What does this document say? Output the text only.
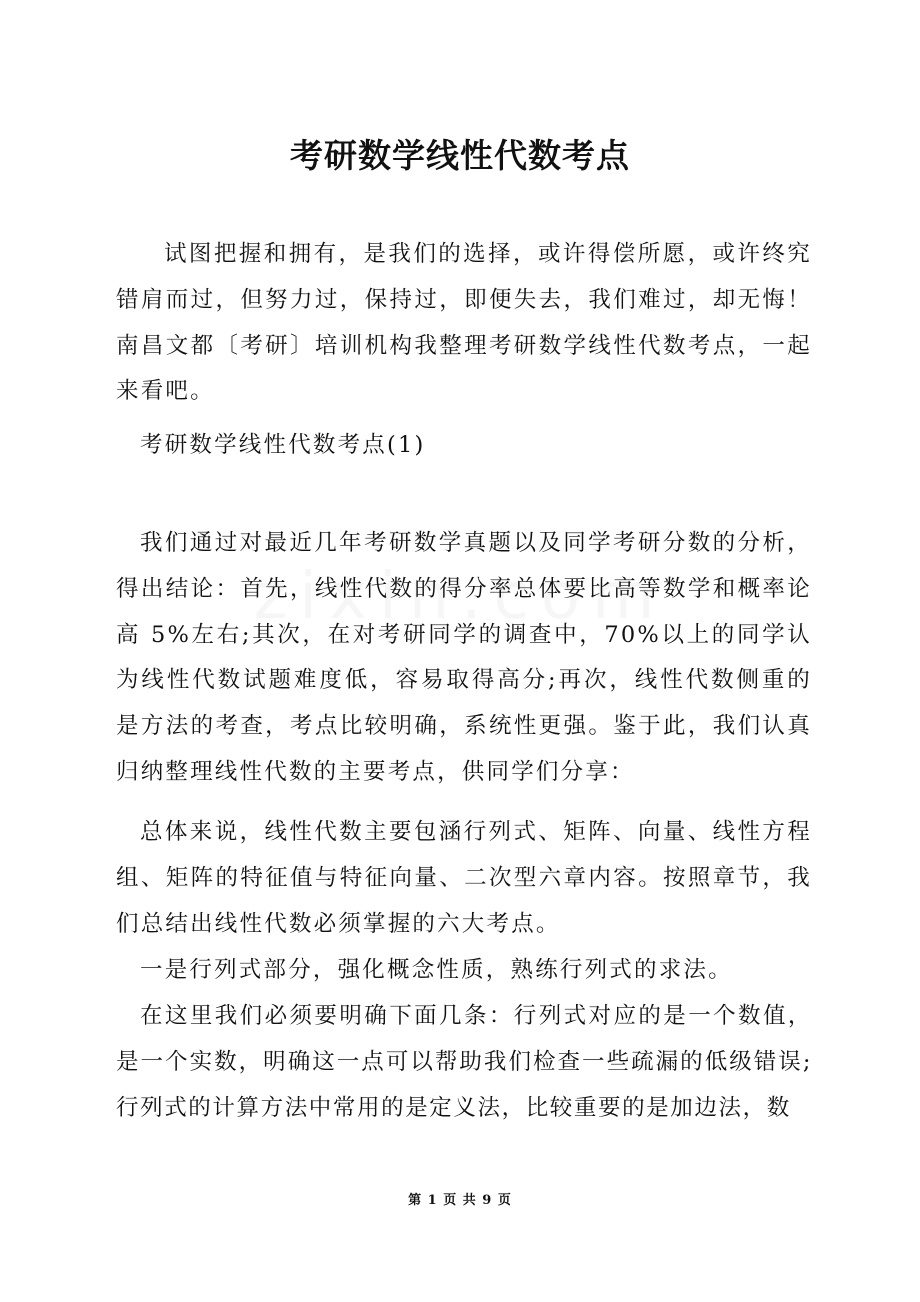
考研数学线性代数考点
试图把握和拥有，是我们的选择，或许得偿所愿，或许终究错肩而过，但努力过，保持过，即便失去，我们难过，却无悔！南昌文都〔考研〕培训机构我整理考研数学线性代数考点，一起来看吧。
考研数学线性代数考点(1)
我们通过对最近几年考研数学真题以及同学考研分数的分析，得出结论：首先，线性代数的得分率总体要比高等数学和概率论高 5%左右;其次，在对考研同学的调查中，70%以上的同学认为线性代数试题难度低，容易取得高分;再次，线性代数侧重的是方法的考查，考点比较明确，系统性更强。鉴于此，我们认真归纳整理线性代数的主要考点，供同学们分享：
总体来说，线性代数主要包涵行列式、矩阵、向量、线性方程组、矩阵的特征值与特征向量、二次型六章内容。按照章节，我们总结出线性代数必须掌握的六大考点。
一是行列式部分，强化概念性质，熟练行列式的求法。
在这里我们必须要明确下面几条：行列式对应的是一个数值，是一个实数，明确这一点可以帮助我们检查一些疏漏的低级错误;行列式的计算方法中常用的是定义法，比较重要的是加边法，数
第 1 页 共 9 页
